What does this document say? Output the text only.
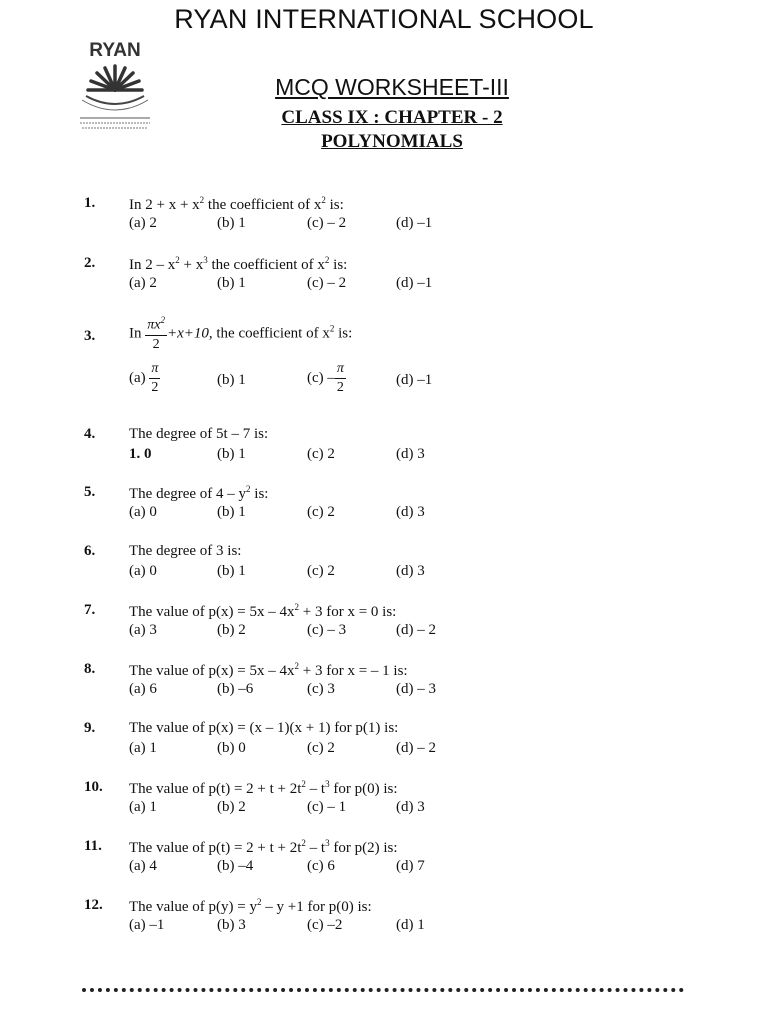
RYAN INTERNATIONAL SCHOOL
RYAN
MCQ WORKSHEET-III
CLASS IX : CHAPTER - 2
POLYNOMIALS
1. In $2 + x + x^2$ the coefficient of $x^2$ is:
(a) 2	(b) 1	(c) – 2	(d) –1
2. In $2 - x^2 + x^3$ the coefficient of $x^2$ is:
(a) 2	(b) 1	(c) – 2	(d) –1
3. In $\frac{\pi x^2}{2} +x+10$, the coefficient of $x^2$ is:
$(a) \frac{\pi}{2}$	(b) 1	$(c) - \frac{\pi}{2}$	(d) –1
4. The degree of 5t – 7 is:
1. 0	(b) 1	(c) 2	(d) 3
5. The degree of $4 - y^2$ is:
(a) 0	(b) 1	(c) 2	(d) 3
6. The degree of 3 is:
(a) 0	(b) 1	(c) 2	(d) 3
7. The value of $p(x) = 5x - 4x^2 + 3$ for x = 0 is:
(a) 3	(b) 2	(c) – 3	(d) – 2
8. The value of $p(x) = 5x - 4x^2 + 3$ for x = – 1 is:
(a) 6	(b) –6	(c) 3	(d) – 3
9. The value of p(x) = (x – 1)(x + 1) for p(1) is:
(a) 1	(b) 0	(c) 2	(d) – 2
10. The value of $p(t) = 2 + t + 2t^2 - t^3$ for p(0) is:
(a) 1	(b) 2	(c) – 1	(d) 3
11. The value of $p(t) = 2 + t + 2t^2 - t^3$ for p(2) is:
(a) 4	(b) –4	(c) 6	(d) 7
12. The value of $p(y) = y^2 - y +1$ for p(0) is:
(a) –1	(b) 3	(c) –2	(d) 1
